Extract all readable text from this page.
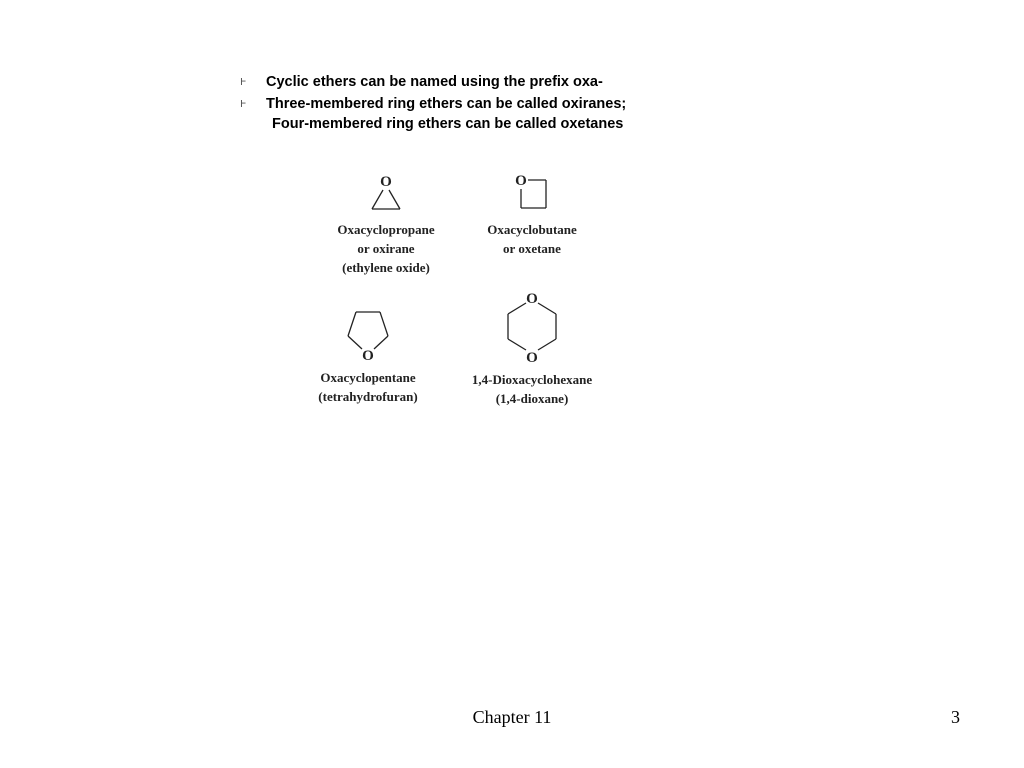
Ⱶ Cyclic ethers can be named using the prefix oxa-
Ⱶ Three-membered ring ethers can be called oxiranes;
Four-membered ring ethers can be called oxetanes
O
Oxacyclopropane
or oxirane
(ethylene oxide)
O
Oxacyclobutane
or oxetane
O
Oxacyclopentane
(tetrahydrofuran)
O
O
1,4-Dioxacyclohexane
(1,4-dioxane)
Chapter 11	3
